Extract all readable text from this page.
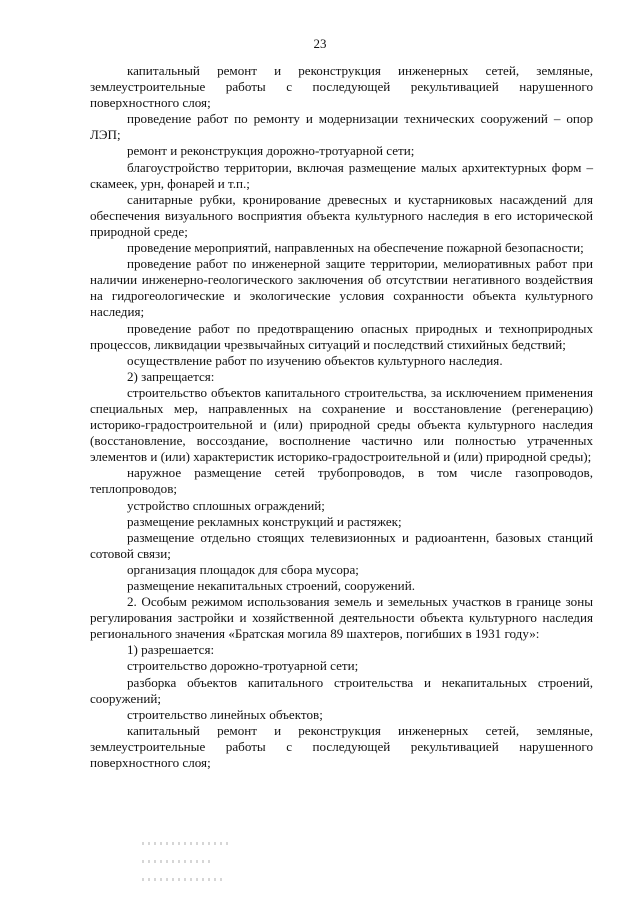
23

капитальный ремонт и реконструкция инженерных сетей, земляные, землеустроительные работы с последующей рекультивацией нарушенного поверхностного слоя;

проведение работ по ремонту и модернизации технических сооружений – опор ЛЭП;

ремонт и реконструкция дорожно-тротуарной сети;

благоустройство территории, включая размещение малых архитектурных форм – скамеек, урн, фонарей и т.п.;

санитарные рубки, кронирование древесных и кустарниковых насаждений для обеспечения визуального восприятия объекта культурного наследия в его исторической природной среде;

проведение мероприятий, направленных на обеспечение пожарной безопасности;

проведение работ по инженерной защите территории, мелиоративных работ при наличии инженерно-геологического заключения об отсутствии негативного воздействия на гидрогеологические и экологические условия сохранности объекта культурного наследия;

проведение работ по предотвращению опасных природных и техноприродных процессов, ликвидации чрезвычайных ситуаций и последствий стихийных бедствий;

осуществление работ по изучению объектов культурного наследия.

2) запрещается:

строительство объектов капитального строительства, за исключением применения специальных мер, направленных на сохранение и восстановление (регенерацию) историко-градостроительной и (или) природной среды объекта культурного наследия (восстановление, воссоздание, восполнение частично или полностью утраченных элементов и (или) характеристик историко-градостроительной и (или) природной среды);

наружное размещение сетей трубопроводов, в том числе газопроводов, теплопроводов;

устройство сплошных ограждений;

размещение рекламных конструкций и растяжек;

размещение отдельно стоящих телевизионных и радиоантенн, базовых станций сотовой связи;

организация площадок для сбора мусора;

размещение некапитальных строений, сооружений.

2. Особым режимом использования земель и земельных участков в границе зоны регулирования застройки и хозяйственной деятельности объекта культурного наследия регионального значения «Братская могила 89 шахтеров, погибших в 1931 году»:

1) разрешается:

строительство дорожно-тротуарной сети;

разборка объектов капитального строительства и некапитальных строений, сооружений;

строительство линейных объектов;

капитальный ремонт и реконструкция инженерных сетей, земляные, землеустроительные работы с последующей рекультивацией нарушенного поверхностного слоя;
